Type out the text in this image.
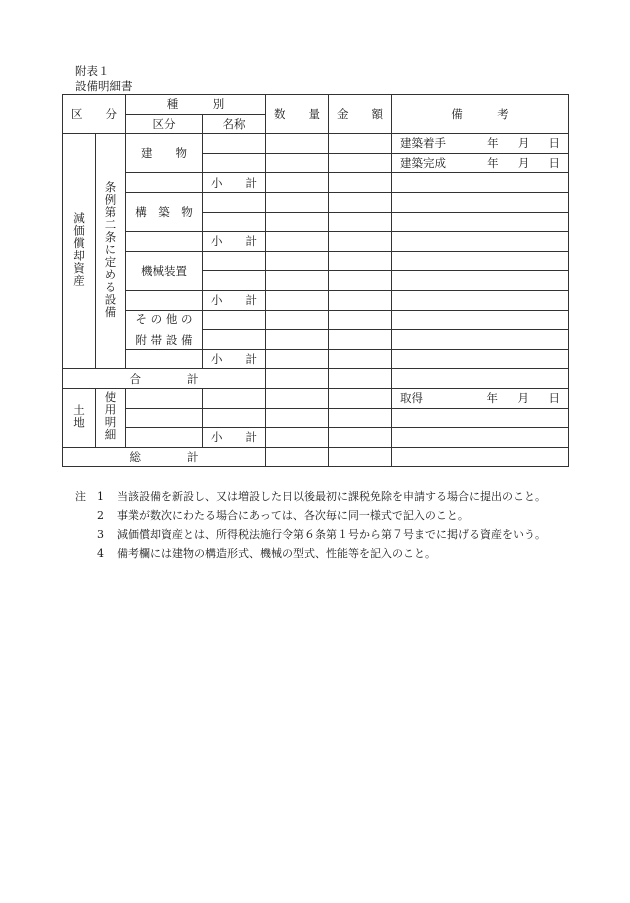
附表１
設備明細書
区　　分		種　　　別		数　　量	金　　額	備　　　考
		区分	名称			
減価償却資産	条例第二条に定める設備	建　　物				建築着手 年 月 日

						建築完成 年 月 日

			小　　計			
		構　築　物				

			小　　計			
		機械装置				

			小　　計			

		そ の 他 の
附 帯 設 備				

			小　　計			
合　　　　計						
土地	使用明細					取得 年 月 日

			小　　計			
総　　　　計						
注	1	当該設備を新設し、又は増設した日以後最初に課税免除を申請する場合に提出のこと。
2	事業が数次にわたる場合にあっては、各次毎に同一様式で記入のこと。
3	減価償却資産とは、所得税法施行令第６条第１号から第７号までに掲げる資産をいう。
4	備考欄には建物の構造形式、機械の型式、性能等を記入のこと。
